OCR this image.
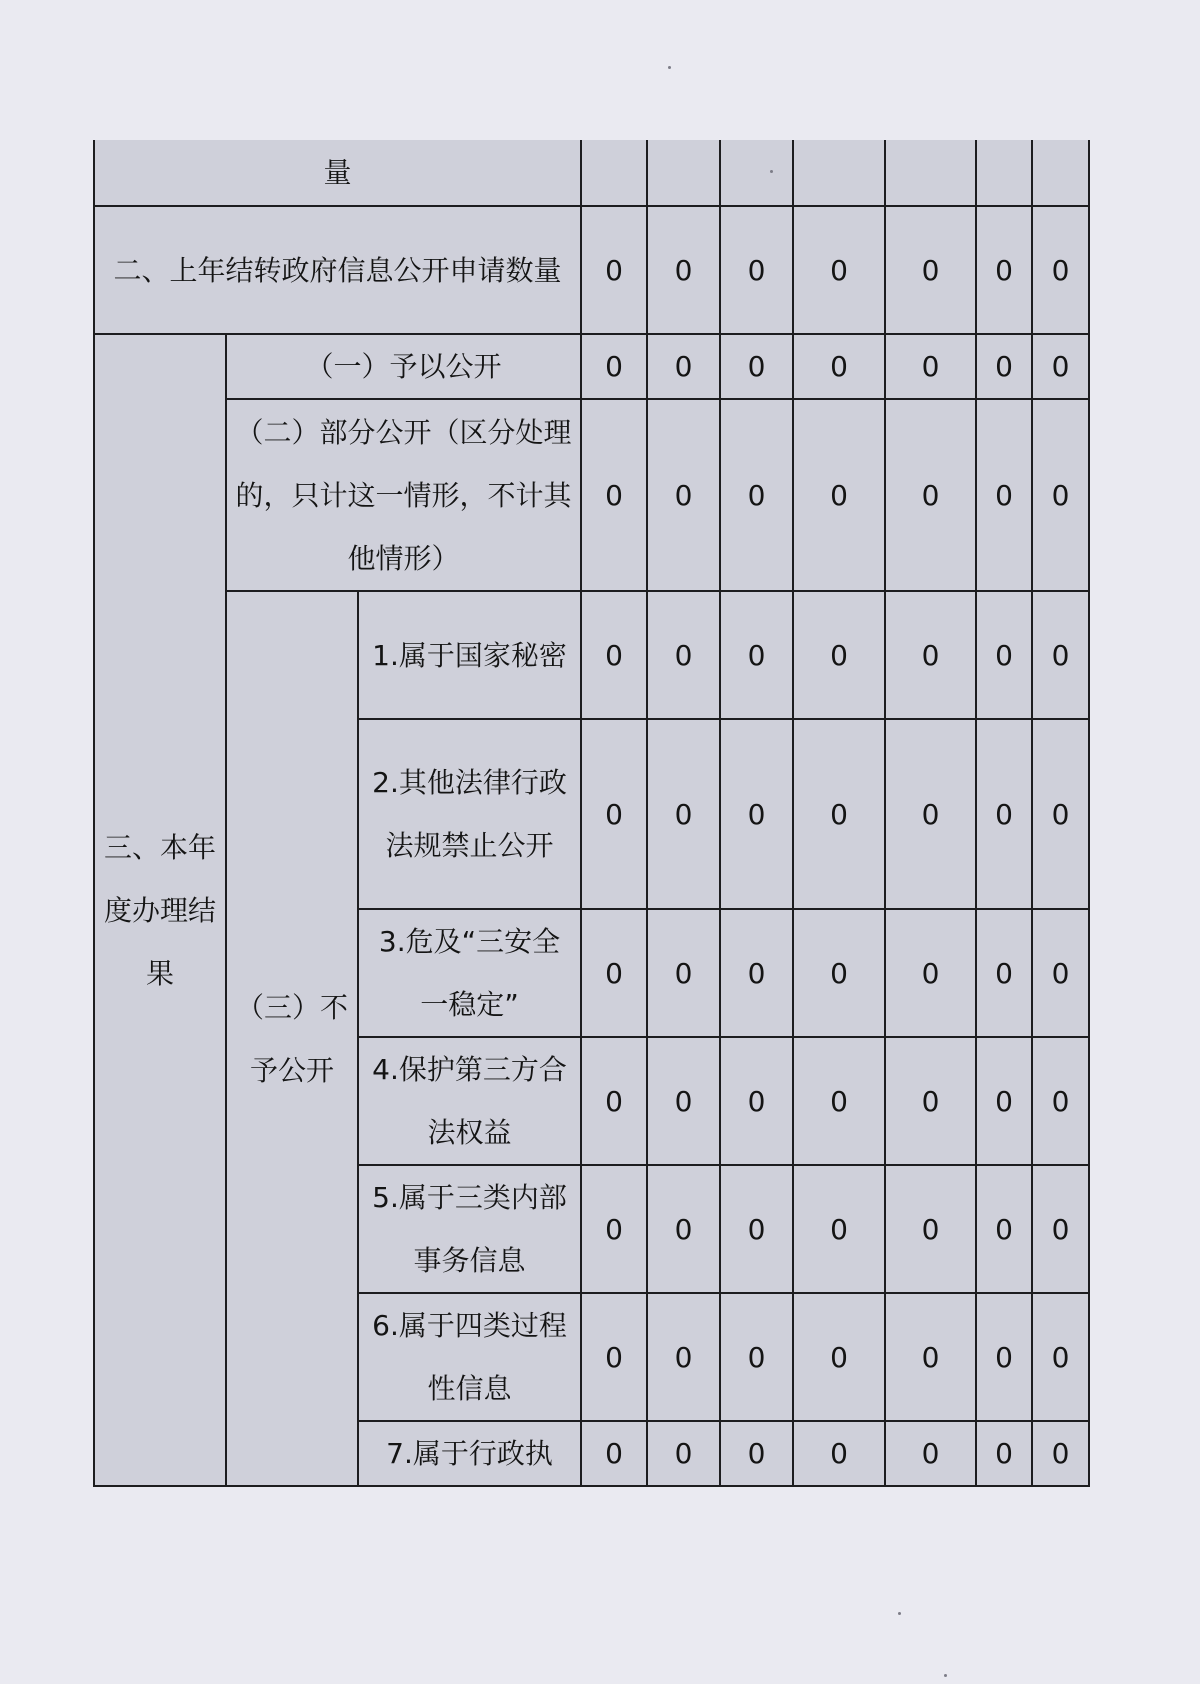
量									
二、上年结转政府信息公开申请数量			0	0	0	0	0	0	0
三、本年度办理结果	（一）予以公开		0	0	0	0	0	0	0
	（二）部分公开（区分处理的，只计这一情形，不计其他情形）		0	0	0	0	0	0	0
	（三）不予公开	1.属于国家秘密	0	0	0	0	0	0	0
		2.其他法律行政法规禁止公开	0	0	0	0	0	0	0
		3.危及“三安全一稳定”	0	0	0	0	0	0	0
		4.保护第三方合法权益	0	0	0	0	0	0	0
		5.属于三类内部事务信息	0	0	0	0	0	0	0
		6.属于四类过程性信息	0	0	0	0	0	0	0
		7.属于行政执	0	0	0	0	0	0	0
